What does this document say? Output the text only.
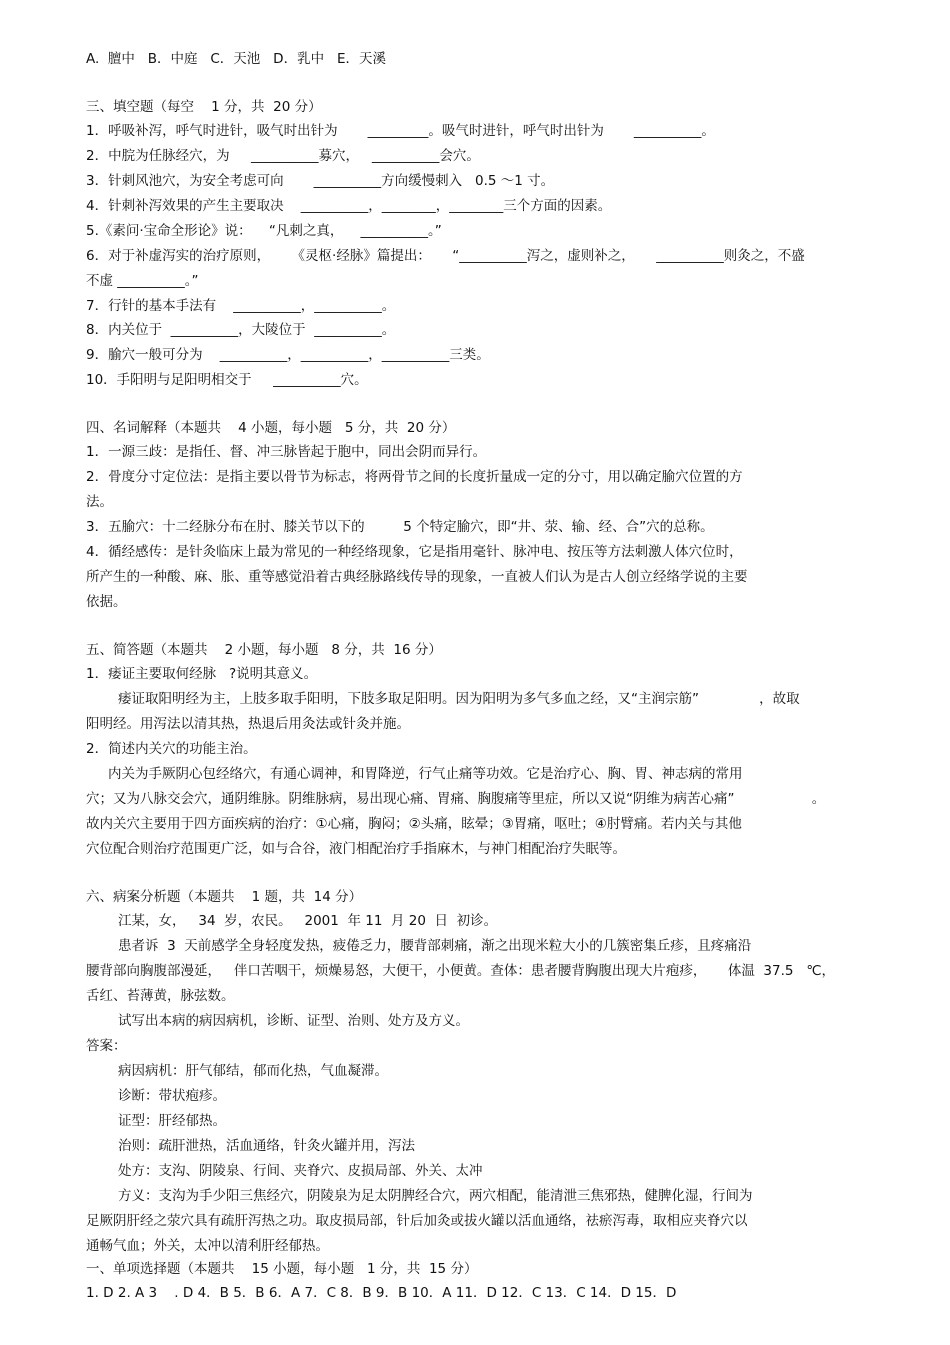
A.  膻中   B．中庭   C．天池   D．乳中   E．天溪
三、填空题（每空    1 分，共  20 分）
1．呼吸补泻，呼气时进针，吸气时出针为       _________。吸气时进针，呼气时出针为       __________。
2．中脘为任脉经穴，为     __________募穴，   __________会穴。
3．针刺风池穴，为安全考虑可向       __________方向缓慢刺入   0.5 ～1 寸。
4．针刺补泻效果的产生主要取决    __________，________，________三个方面的因素。
5.《素问·宝命全形论》说：    “凡刺之真，    __________。”
6．对于补虚泻实的治疗原则，     《灵枢·经脉》篇提出：     “__________泻之，虚则补之，     __________则灸之，不盛
不虚 __________。”
7．行针的基本手法有    __________，__________。
8．内关位于  __________，大陵位于  __________。
9．腧穴一般可分为    __________，__________，__________三类。
10．手阳明与足阳明相交于     __________穴。
四、名词解释（本题共    4 小题，每小题   5 分，共  20 分）
1．一源三歧：是指任、督、冲三脉皆起于胞中，同出会阴而异行。
2．骨度分寸定位法：是指主要以骨节为标志，将两骨节之间的长度折量成一定的分寸，用以确定腧穴位置的方
法。
3．五腧穴：十二经脉分布在肘、膝关节以下的         5 个特定腧穴，即“井、荥、输、经、合”穴的总称。
4．循经感传：是针灸临床上最为常见的一种经络现象，它是指用毫针、脉冲电、按压等方法刺激人体穴位时，
所产生的一种酸、麻、胀、重等感觉沿着古典经脉路线传导的现象，一直被人们认为是古人创立经络学说的主要
依据。
五、简答题（本题共    2 小题，每小题   8 分，共  16 分）
1．痿证主要取何经脉   ?说明其意义。
痿证取阳明经为主，上肢多取手阳明，下肢多取足阳明。因为阳明为多气多血之经，又“主润宗筋”              ，故取
阳明经。用泻法以清其热，热退后用灸法或针灸并施。
2．简述内关穴的功能主治。
内关为手厥阴心包经络穴，有通心调神，和胃降逆，行气止痛等功效。它是治疗心、胸、胃、神志病的常用
穴；又为八脉交会穴，通阴维脉。阴维脉病，易出现心痛、胃痛、胸腹痛等里症，所以又说“阴维为病苦心痛”                  。
故内关穴主要用于四方面疾病的治疗：①心痛，胸闷；②头痛，眩晕；③胃痛，呕吐；④肘臂痛。若内关与其他
穴位配合则治疗范围更广泛，如与合谷，液门相配治疗手指麻木，与神门相配治疗失眠等。
六、病案分析题（本题共    1 题，共  14 分）
江某，女，   34  岁，农民。   2001  年 11  月 20  日  初诊。
患者诉  3  天前感学全身轻度发热，疲倦乏力，腰背部刺痛，渐之出现米粒大小的几簇密集丘疹，且疼痛沿
腰背部向胸腹部漫延，   伴口苦咽干，烦燥易怒，大便干，小便黄。查体：患者腰背胸腹出现大片疱疹，     体温  37.5   ℃，
舌红、苔薄黄，脉弦数。
试写出本病的病因病机，诊断、证型、治则、处方及方义。
答案：
病因病机：肝气郁结，郁而化热，气血凝滞。
诊断：带状疱疹。
证型：肝经郁热。
治则：疏肝泄热，活血通络，针灸火罐并用，泻法
处方：支沟、阴陵泉、行间、夹脊穴、皮损局部、外关、太冲
方义：支沟为手少阳三焦经穴，阴陵泉为足太阴脾经合穴，两穴相配，能清泄三焦邪热，健脾化湿，行间为
足厥阴肝经之荥穴具有疏肝泻热之功。取皮损局部，针后加灸或拔火罐以活血通络，祛瘀泻毒，取相应夹脊穴以
通畅气血；外关，太冲以清利肝经郁热。
一、单项选择题（本题共    15 小题，每小题   1 分，共  15 分）
1. D 2. A 3    . D 4．B 5．B 6．A 7．C 8．B 9．B 10．A 11．D 12．C 13．C 14．D 15．D
